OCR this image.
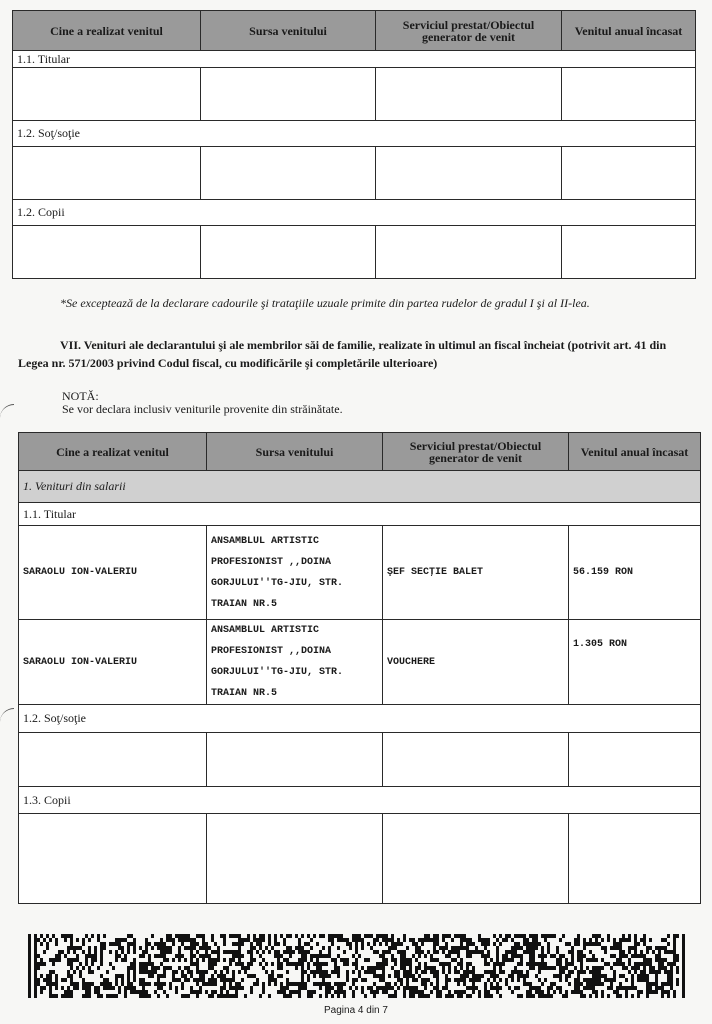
Cine a realizat venitul	Sursa venitului	Serviciul prestat/Obiectul generator de venit	Venitul anual încasat
1.1. Titular			

1.2. Soţ/soţie			

1.2. Copii			

*Se exceptează de la declarare cadourile şi trataţiile uzuale primite din partea rudelor de gradul I şi al II-lea.
VII. Venituri ale declarantului şi ale membrilor săi de familie, realizate în ultimul an fiscal încheiat (potrivit art. 41 din Legea nr. 571/2003 privind Codul fiscal, cu modificările şi completările ulterioare)
NOTĂ:
Se vor declara inclusiv veniturile provenite din străinătate.
Cine a realizat venitul	Sursa venitului	Serviciul prestat/Obiectul generator de venit	Venitul anual încasat
1. Venituri din salarii			
1.1. Titular			
SARAOLU ION-VALERIU	ANSAMBLUL ARTISTIC
PROFESIONIST ,,DOINA
GORJULUI''TG-JIU, STR.
TRAIAN NR.5	ŞEF SECŢIE BALET	56.159 RON
SARAOLU ION-VALERIU	ANSAMBLUL ARTISTIC
PROFESIONIST ,,DOINA
GORJULUI''TG-JIU, STR.
TRAIAN NR.5	VOUCHERE	1.305 RON
1.2. Soţ/soţie			

1.3. Copii			

Pagina 4 din 7
